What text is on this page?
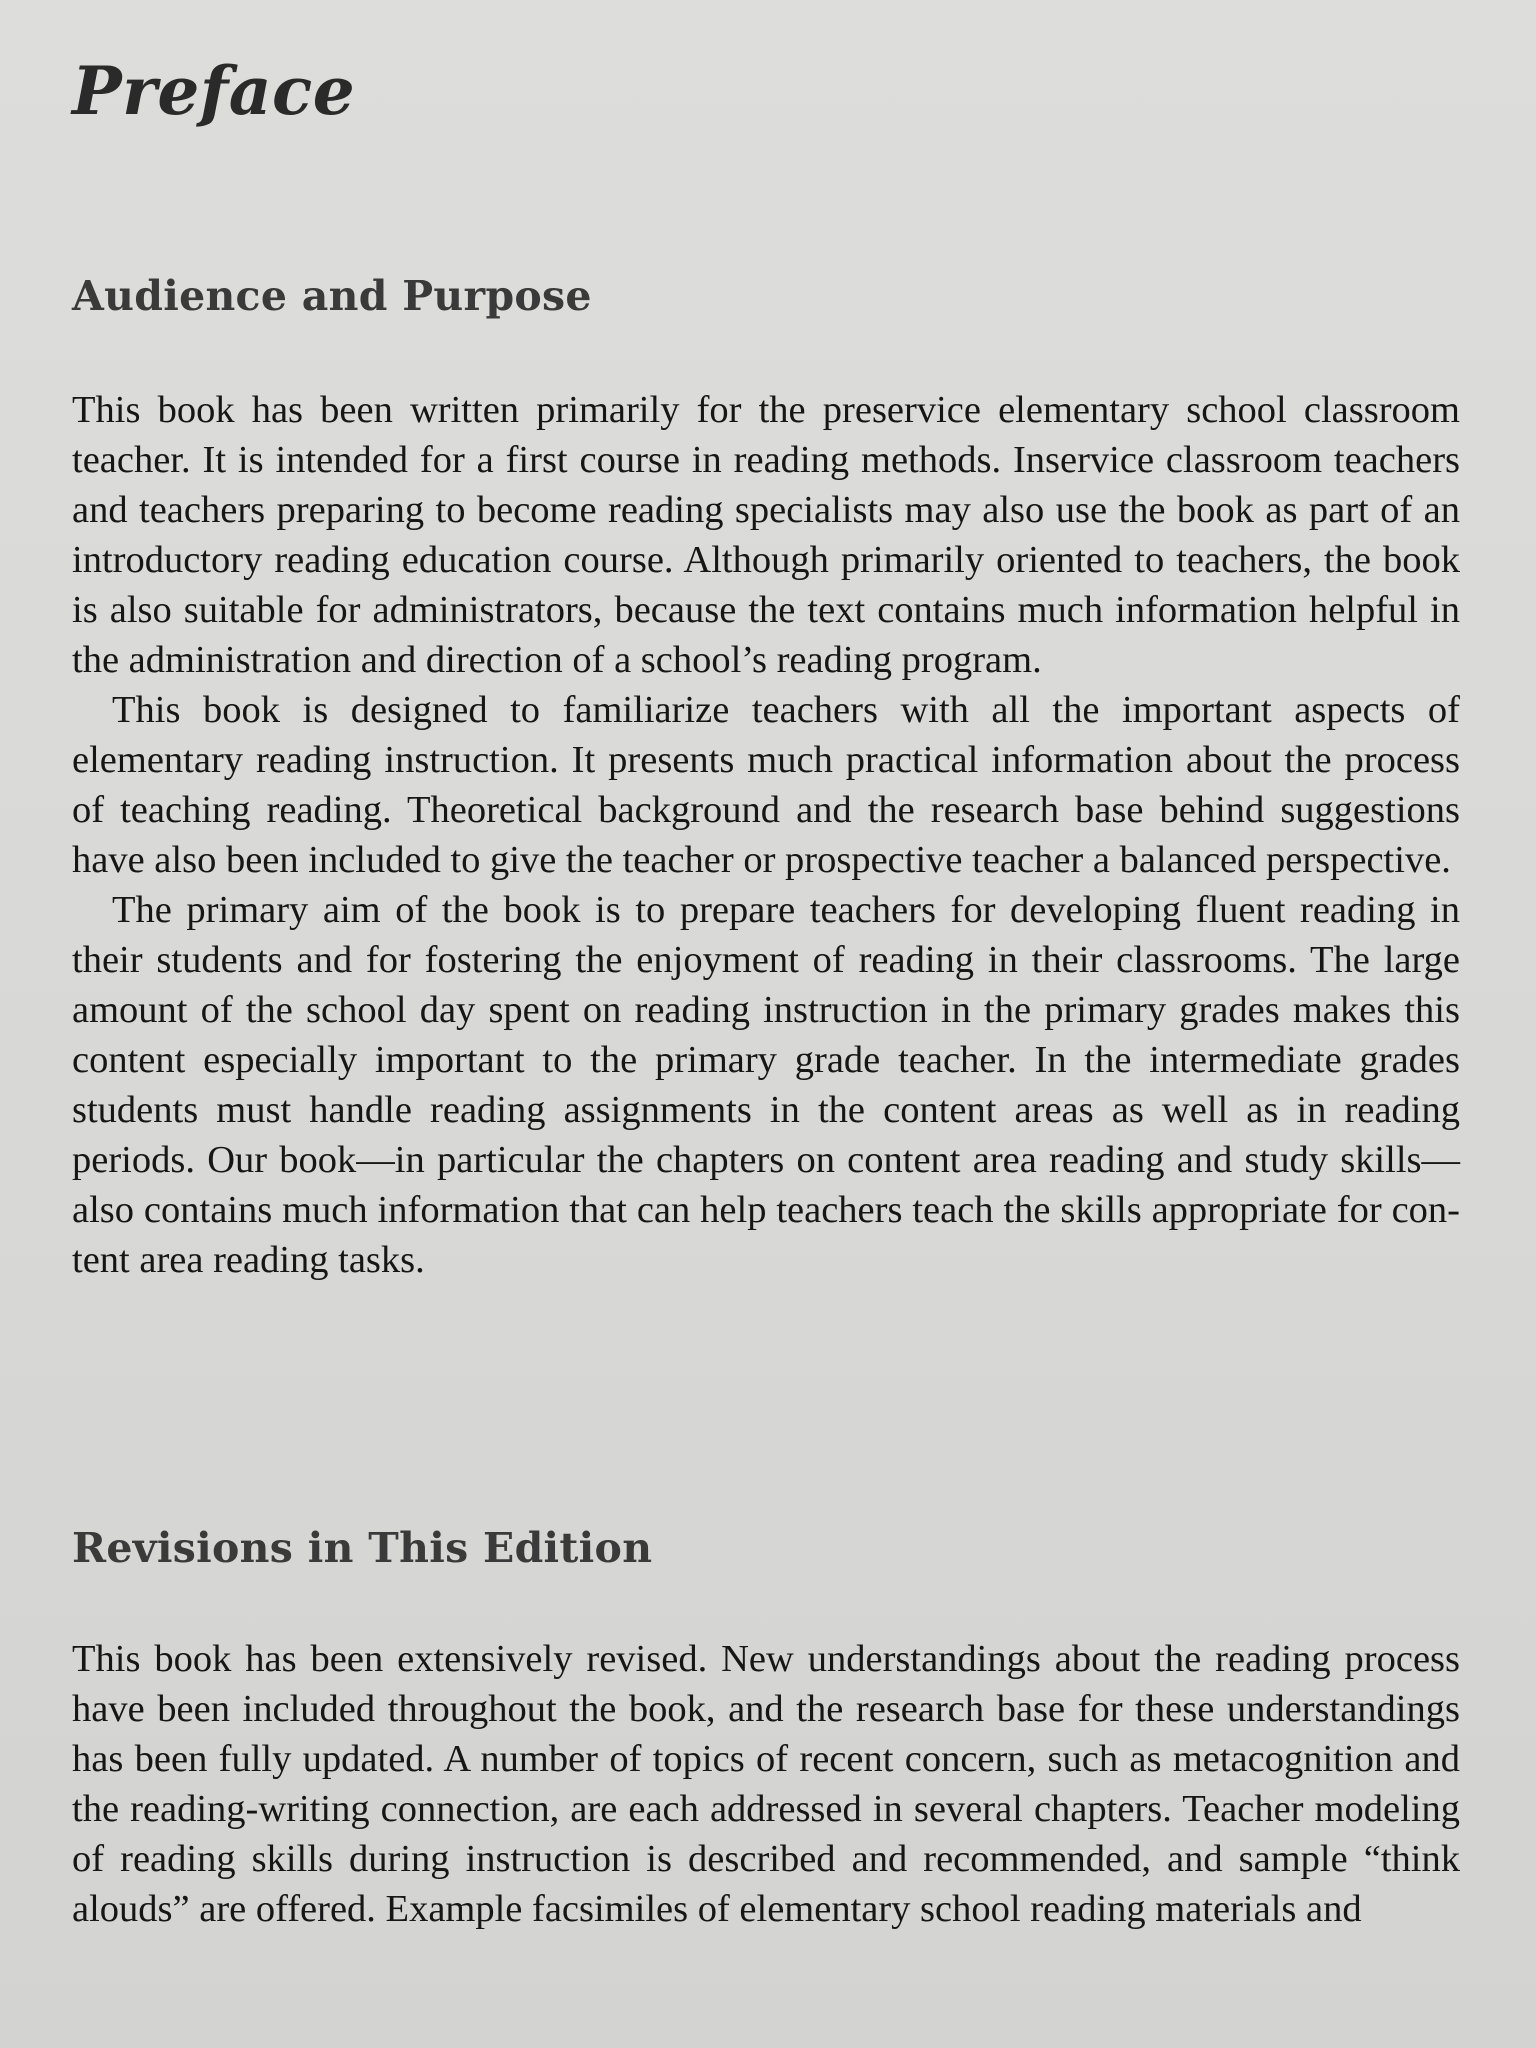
Preface
Audience and Purpose

This book has been written primarily for the preservice elementary school classroom teacher. It is intended for a first course in reading methods. Inservice classroom teachers and teachers preparing to become reading specialists may also use the book as part of an introductory reading education course. Although primarily oriented to teachers, the book is also suitable for administrators, because the text contains much information helpful in the administration and direction of a school’s reading program.

This book is designed to familiarize teachers with all the important aspects of elementary reading instruction. It presents much practical information about the process of teaching reading. Theoretical background and the research base behind suggestions have also been included to give the teacher or prospective teacher a balanced perspective.

The primary aim of the book is to prepare teachers for developing fluent reading in their students and for fostering the enjoyment of reading in their classrooms. The large amount of the school day spent on reading instruction in the primary grades makes this content especially important to the primary grade teacher. In the intermediate grades students must handle reading assignments in the content areas as well as in reading periods. Our book—in particular the chapters on content area reading and study skills—also contains much information that can help teachers teach the skills appropriate for content area reading tasks.

Revisions in This Edition

This book has been extensively revised. New understandings about the reading process have been included throughout the book, and the research base for these understandings has been fully updated. A number of topics of recent concern, such as metacognition and the reading-writing connection, are each addressed in several chapters. Teacher modeling of reading skills during instruction is described and recommended, and sample “think alouds” are offered. Example facsimiles of elementary school reading materials and
